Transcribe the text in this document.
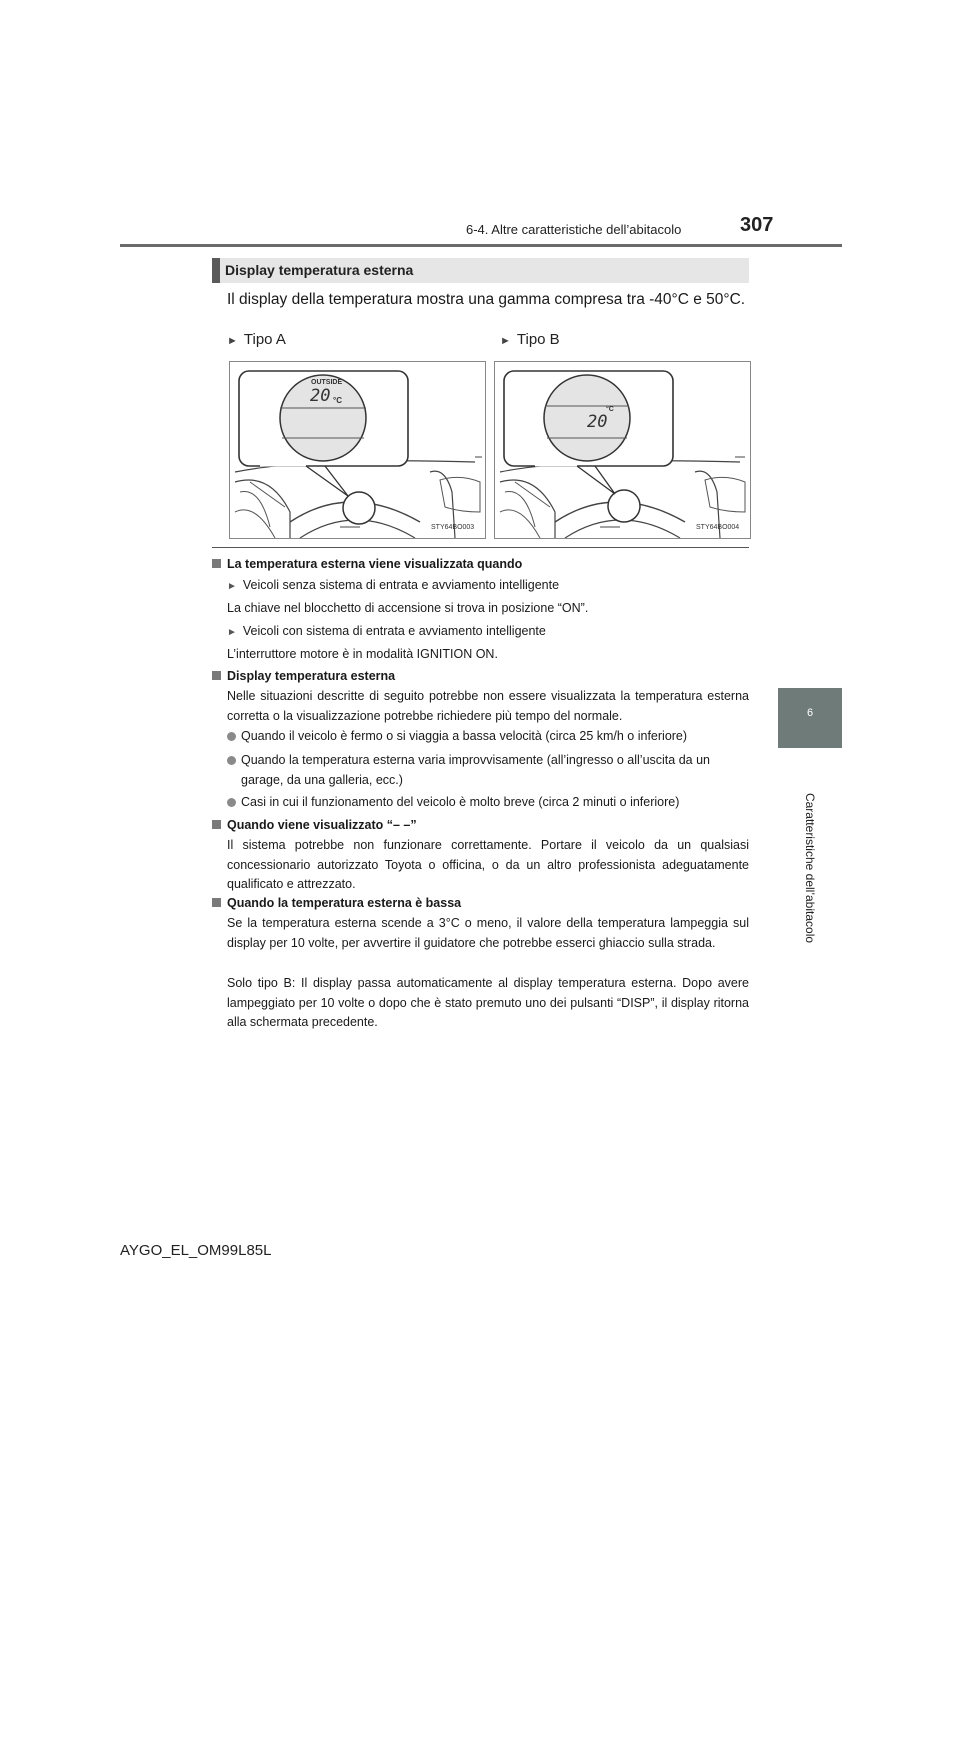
6-4. Altre caratteristiche dell’abitacolo	307
6
Caratteristiche dell’abitacolo
Display temperatura esterna
Il display della temperatura mostra una gamma compresa tra -40°C e 50°C.
► Tipo A	► Tipo B
OUTSIDE
20 °C
STY64BO003
20
°C
STY64BO004
La temperatura esterna viene visualizzata quando
► Veicoli senza sistema di entrata e avviamento intelligente
La chiave nel blocchetto di accensione si trova in posizione “ON”.
► Veicoli con sistema di entrata e avviamento intelligente
L’interruttore motore è in modalità IGNITION ON.
Display temperatura esterna
Nelle situazioni descritte di seguito potrebbe non essere visualizzata la temperatura esterna corretta o la visualizzazione potrebbe richiedere più tempo del normale.
Quando il veicolo è fermo o si viaggia a bassa velocità (circa 25 km/h o inferiore)
Quando la temperatura esterna varia improvvisamente (all’ingresso o all’uscita da un garage, da una galleria, ecc.)
Casi in cui il funzionamento del veicolo è molto breve (circa 2 minuti o inferiore)
Quando viene visualizzato “– –”
Il sistema potrebbe non funzionare correttamente. Portare il veicolo da un qualsiasi concessionario autorizzato Toyota o officina, o da un altro professionista adeguatamente qualificato e attrezzato.
Quando la temperatura esterna è bassa
Se la temperatura esterna scende a 3°C o meno, il valore della temperatura lampeggia sul display per 10 volte, per avvertire il guidatore che potrebbe esserci ghiaccio sulla strada.
Solo tipo B: Il display passa automaticamente al display temperatura esterna. Dopo avere lampeggiato per 10 volte o dopo che è stato premuto uno dei pulsanti “DISP”, il display ritorna alla schermata precedente.
AYGO_EL_OM99L85L
